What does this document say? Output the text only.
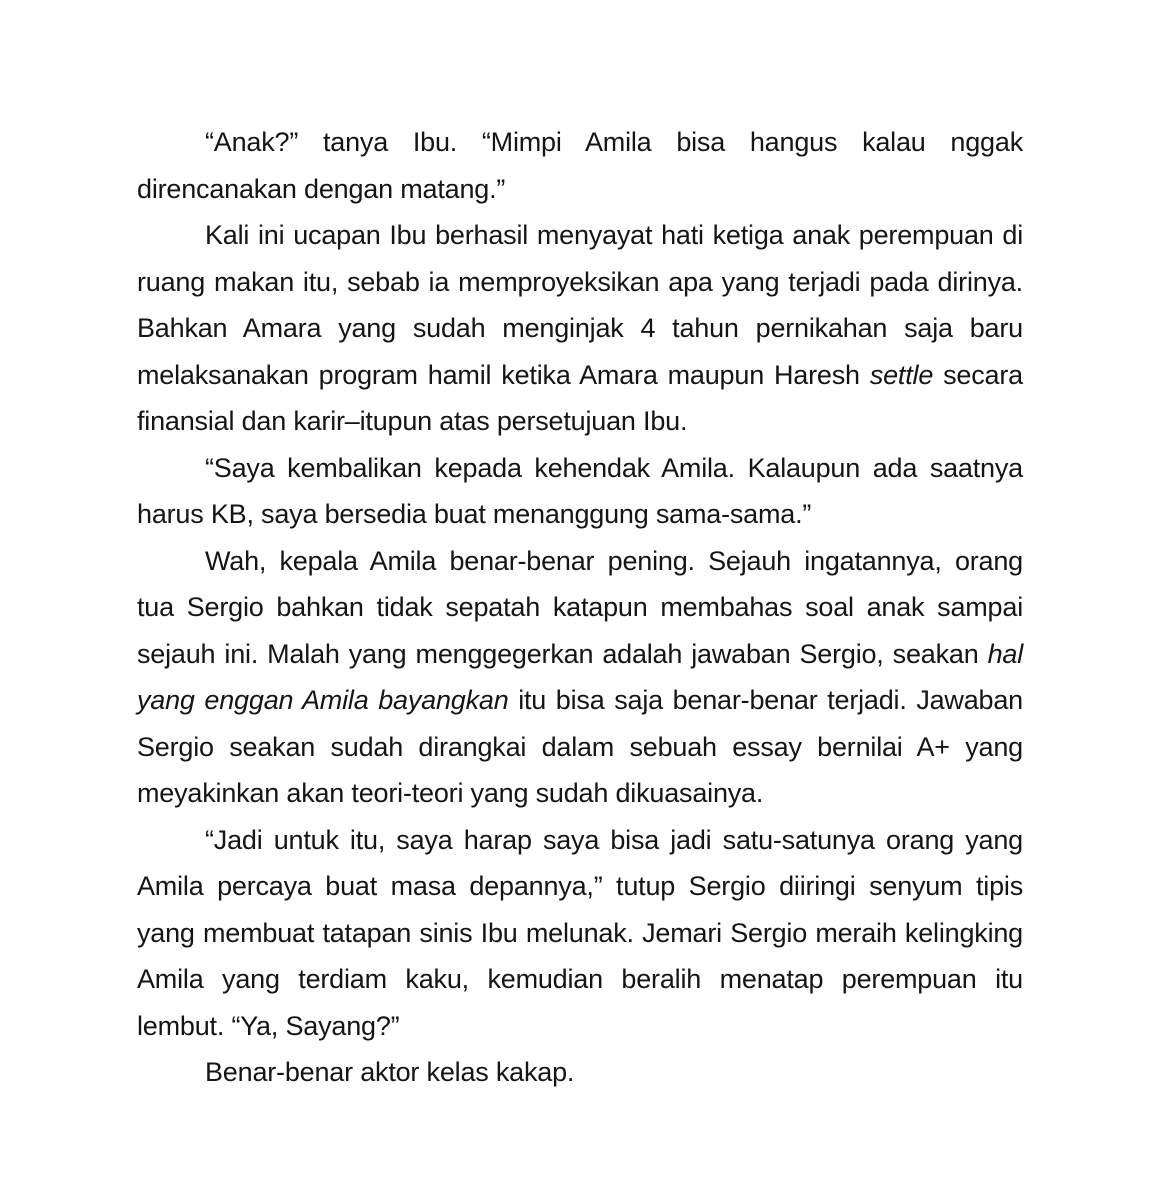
“Anak?” tanya Ibu. “Mimpi Amila bisa hangus kalau nggak direncanakan dengan matang.”

Kali ini ucapan Ibu berhasil menyayat hati ketiga anak perempuan di ruang makan itu, sebab ia memproyeksikan apa yang terjadi pada dirinya. Bahkan Amara yang sudah menginjak 4 tahun pernikahan saja baru melaksanakan program hamil ketika Amara maupun Haresh settle secara finansial dan karir–itupun atas persetujuan Ibu.

“Saya kembalikan kepada kehendak Amila. Kalaupun ada saatnya harus KB, saya bersedia buat menanggung sama-sama.”

Wah, kepala Amila benar-benar pening. Sejauh ingatannya, orang tua Sergio bahkan tidak sepatah katapun membahas soal anak sampai sejauh ini. Malah yang menggegerkan adalah jawaban Sergio, seakan hal yang enggan Amila bayangkan itu bisa saja benar-benar terjadi. Jawaban Sergio seakan sudah dirangkai dalam sebuah essay bernilai A+ yang meyakinkan akan teori-teori yang sudah dikuasainya.

“Jadi untuk itu, saya harap saya bisa jadi satu-satunya orang yang Amila percaya buat masa depannya,” tutup Sergio diiringi senyum tipis yang membuat tatapan sinis Ibu melunak. Jemari Sergio meraih kelingking Amila yang terdiam kaku, kemudian beralih menatap perempuan itu lembut. “Ya, Sayang?”

Benar-benar aktor kelas kakap.
